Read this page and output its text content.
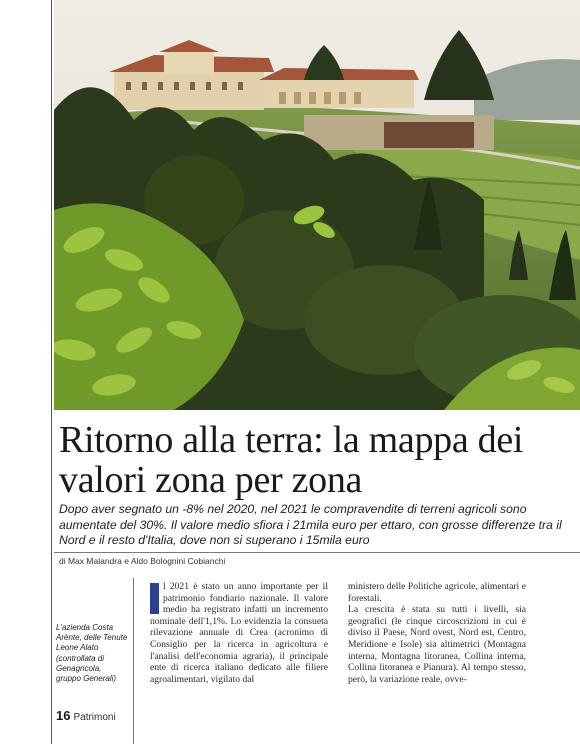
Ritorno alla terra: la mappa dei valori zona per zona

Dopo aver segnato un -8% nel 2020, nel 2021 le compravendite di terreni agricoli sono aumentate del 30%. Il valore medio sfiora i 21mila euro per ettaro, con grosse differenze tra il Nord e il resto d'Italia, dove non si superano i 15mila euro

di Max Malandra e Aldo Bolognini Cobianchi

L'azienda Costa Arènte, delle Tenute Leone Alato (controllata di Genagricola, gruppo Generali)

l 2021 è stato un anno importante per il patrimonio fondiario nazionale. Il valore medio ha registrato infatti un incremento nominale dell'1,1%. Lo evidenzia la consueta rilevazione annuale di Crea (acronimo di Consiglio per la ricerca in agricoltura e l'analisi dell'economia agraria), il principale ente di ricerca italiano dedicato alle filiere agroalimentari, vigilato dal

ministero delle Politiche agricole, alimentari e forestali.

La crescita è stata su tutti i livelli, sia geografici (le cinque circoscrizioni in cui è diviso il Paese, Nord ovest, Nord est, Centro, Meridione e Isole) sia altimetrici (Montagna interna, Montagna litoranea, Collina interna, Collina litoranea e Pianura). Al tempo stesso, però, la variazione reale, ovve-

16 Patrimoni
